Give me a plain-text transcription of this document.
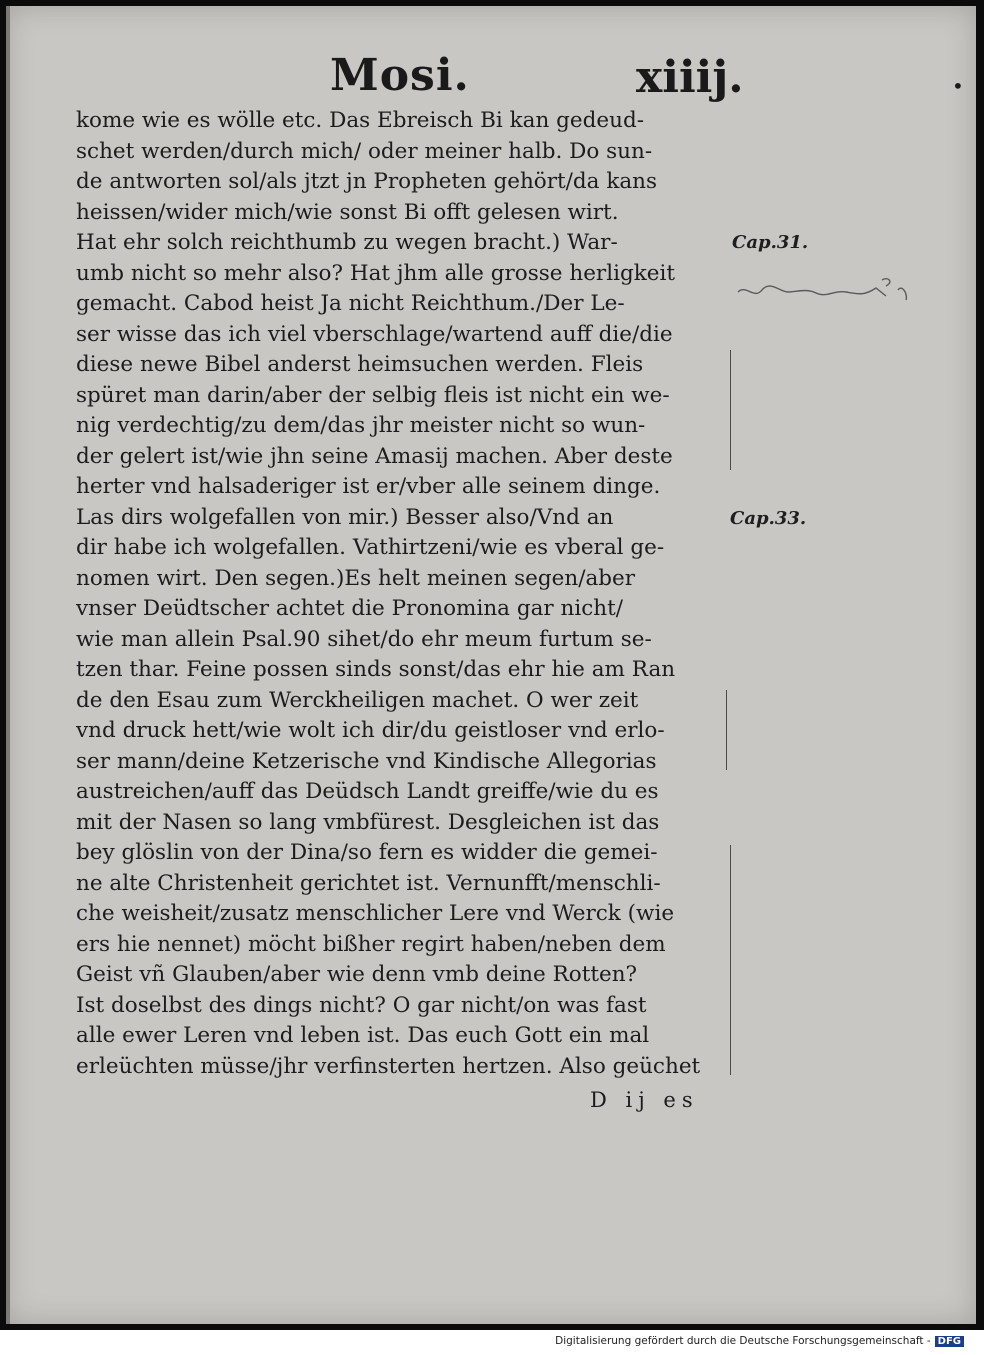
Mosi.	xiiij.	•
kome wie es wölle etc. Das Ebreisch Bi kan gedeud-
schet werden/durch mich/ oder meiner halb. Do sun-
de antworten sol/als jtzt jn Propheten gehört/da kans
heissen/wider mich/wie sonst Bi offt gelesen wirt.
Hat ehr solch reichthumb zu wegen bracht.) War-
umb nicht so mehr also? Hat jhm alle grosse herligkeit
gemacht. Cabod heist Ja nicht Reichthum./Der Le-
ser wisse das ich viel vberschlage/wartend auff die/die
diese newe Bibel anderst heimsuchen werden. Fleis
spüret man darin/aber der selbig fleis ist nicht ein we-
nig verdechtig/zu dem/das jhr meister nicht so wun-
der gelert ist/wie jhn seine Amasij machen. Aber deste
herter vnd halsaderiger ist er/vber alle seinem dinge.
Las dirs wolgefallen von mir.) Besser also/Vnd an
dir habe ich wolgefallen. Vathirtzeni/wie es vberal ge-
nomen wirt. Den segen.)Es helt meinen segen/aber
vnser Deüdtscher achtet die Pronomina gar nicht/
wie man allein Psal.90 sihet/do ehr meum furtum se-
tzen thar. Feine possen sinds sonst/das ehr hie am Ran
de den Esau zum Werckheiligen machet. O wer zeit
vnd druck hett/wie wolt ich dir/du geistloser vnd erlo-
ser mann/deine Ketzerische vnd Kindische Allegorias
austreichen/auff das Deüdsch Landt greiffe/wie du es
mit der Nasen so lang vmbfürest. Desgleichen ist das
bey glöslin von der Dina/so fern es widder die gemei-
ne alte Christenheit gerichtet ist. Vernunfft/menschli-
che weisheit/zusatz menschlicher Lere vnd Werck (wie
ers hie nennet) möcht bißher regirt haben/neben dem
Geist vñ Glauben/aber wie denn vmb deine Rotten?
Ist doselbst des dings nicht? O gar nicht/on was fast
alle ewer Leren vnd leben ist. Das euch Gott ein mal
erleüchten müsse/jhr verfinsterten hertzen. Also geüchet
D ij es
Cap.31.
Cap.33.
Digitalisierung gefördert durch die Deutsche Forschungsgemeinschaft - DFG
